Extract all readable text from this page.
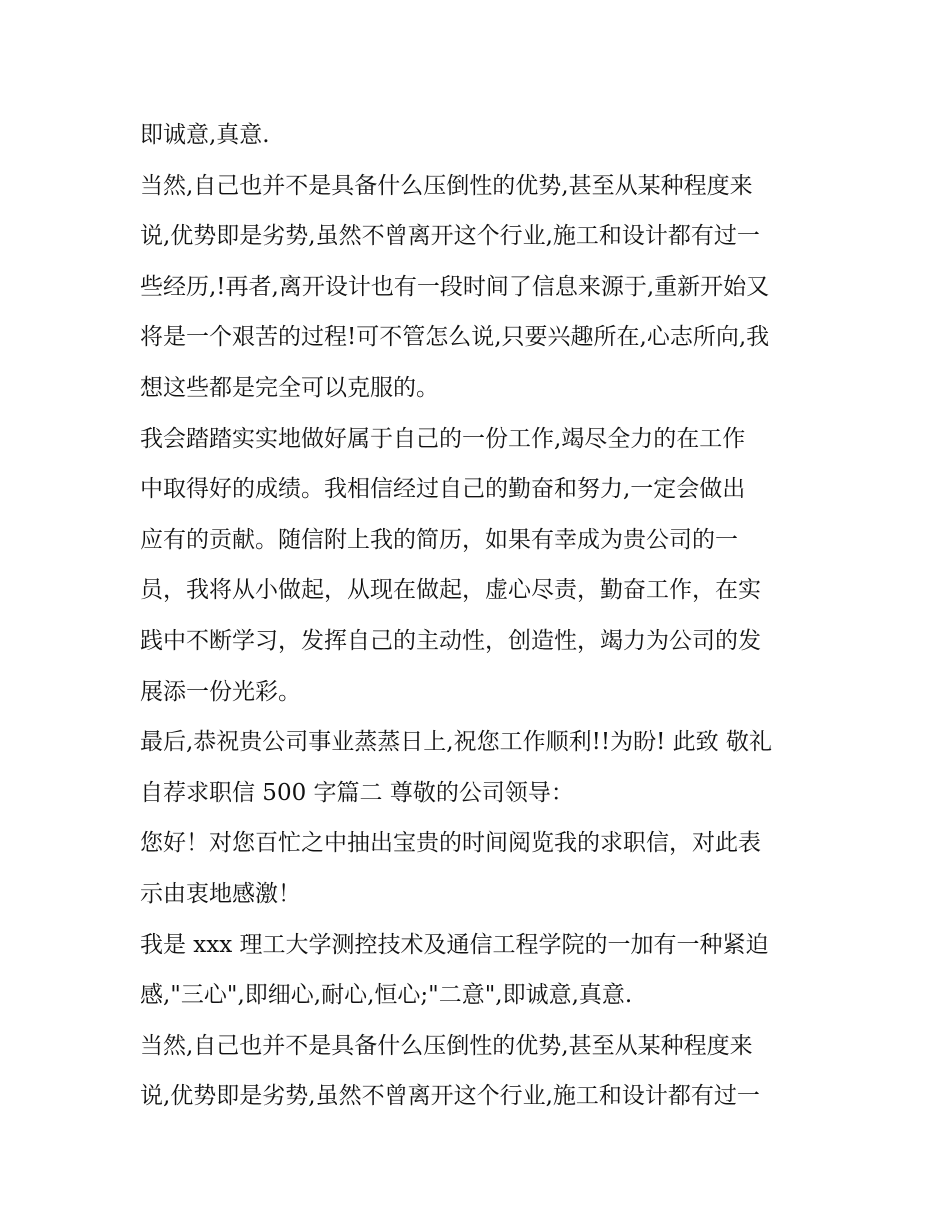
即诚意,真意.
当然,自己也并不是具备什么压倒性的优势,甚至从某种程度来
说,优势即是劣势,虽然不曾离开这个行业,施工和设计都有过一
些经历,!再者,离开设计也有一段时间了信息来源于,重新开始又
将是一个艰苦的过程!可不管怎么说,只要兴趣所在,心志所向,我
想这些都是完全可以克服的。
我会踏踏实实地做好属于自己的一份工作,竭尽全力的在工作
中取得好的成绩。我相信经过自己的勤奋和努力,一定会做出
应有的贡献。随信附上我的简历，如果有幸成为贵公司的一
员，我将从小做起，从现在做起，虚心尽责，勤奋工作，在实
践中不断学习，发挥自己的主动性，创造性，竭力为公司的发
展添一份光彩。
最后,恭祝贵公司事业蒸蒸日上,祝您工作顺利!!为盼! 此致 敬礼
自荐求职信 500 字篇二 尊敬的公司领导：
您好！对您百忙之中抽出宝贵的时间阅览我的求职信，对此表
示由衷地感激！
我是 xxx 理工大学测控技术及通信工程学院的一加有一种紧迫
感,"三心",即细心,耐心,恒心;"二意",即诚意,真意.
当然,自己也并不是具备什么压倒性的优势,甚至从某种程度来
说,优势即是劣势,虽然不曾离开这个行业,施工和设计都有过一
